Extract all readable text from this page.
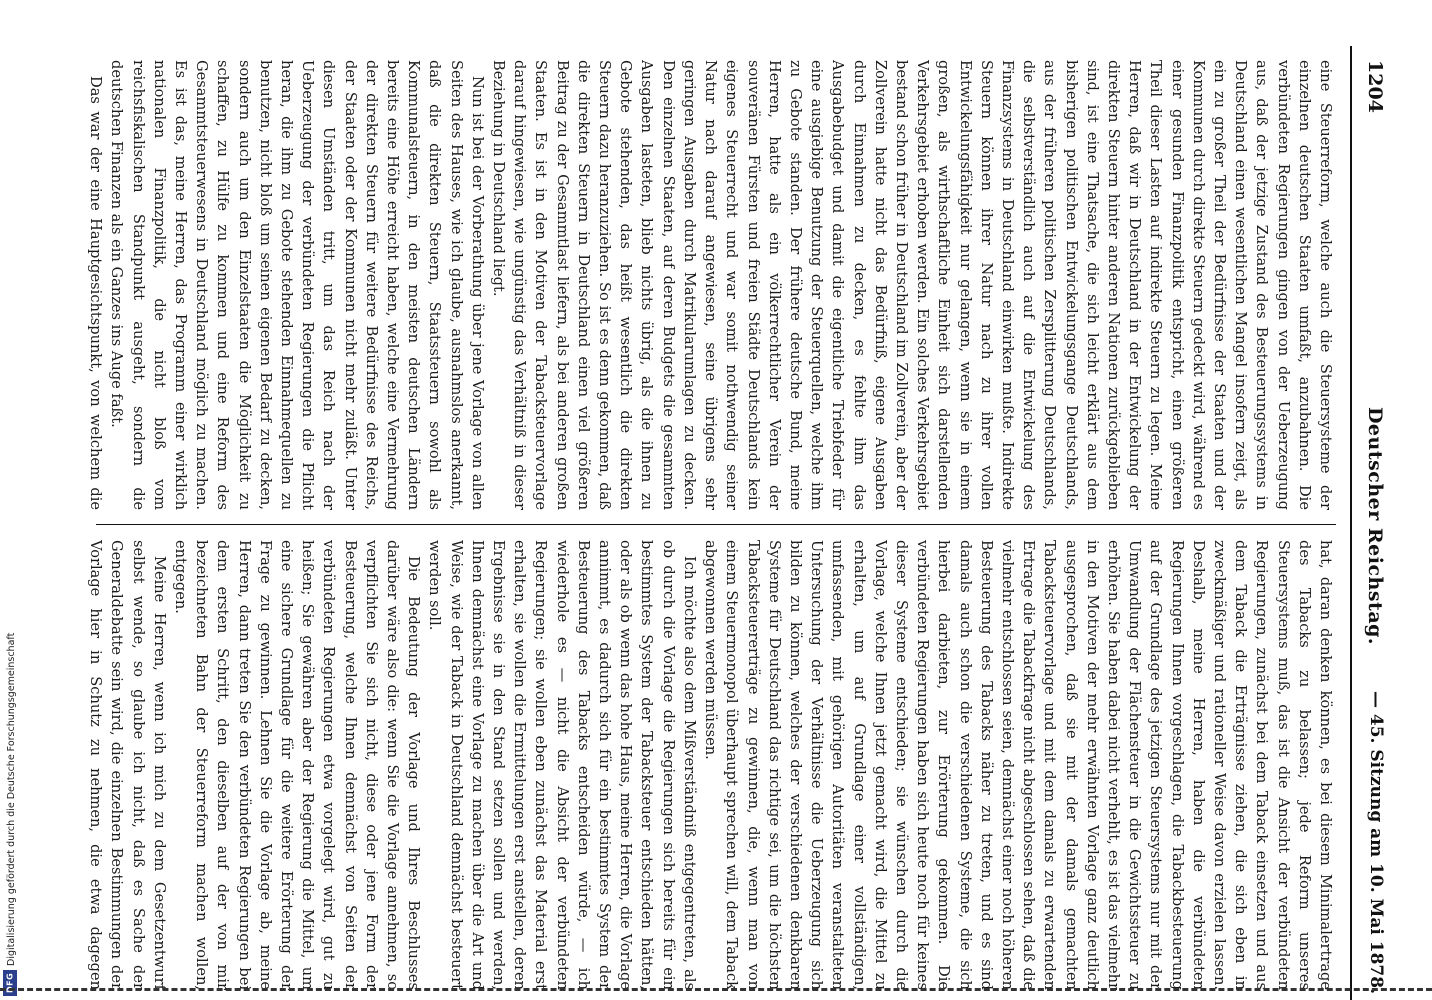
Digitalisierung gefördert durch die Deutsche Forschungsgemeinschaft
DFG
1204
Deutscher Reichstag.
— 45. Sitzung am 10. Mai 1878.

eine Steuerreform, welche auch die Steuersysteme der einzelnen deutschen Staaten umfaßt, anzubahnen. Die verbündeten Regierungen gingen von der Ueberzeugung aus, daß der jetzige Zustand des Besteuerungssystems in Deutschland einen wesentlichen Mangel insofern zeigt, als ein zu großer Theil der Bedürfnisse der Staaten und der Kommunen durch direkte Steuern gedeckt wird, während es einer gesunden Finanzpolitik entspricht, einen größeren Theil dieser Lasten auf indirekte Steuern zu legen. Meine Herren, daß wir in Deutschland in der Entwickelung der direkten Steuern hinter anderen Nationen zurückgeblieben sind, ist eine Thatsache, die sich leicht erklärt aus dem bisherigen politischen Entwickelungsgange Deutschlands, aus der früheren politischen Zersplitterung Deutschlands, die selbstverständlich auch auf die Entwickelung des Finanzsystems in Deutschland einwirken mußte. Indirekte Steuern können ihrer Natur nach zu ihrer vollen Entwickelungsfähigkeit nur gelangen, wenn sie in einem großen, als wirthschaftliche Einheit sich darstellenden Verkehrsgebiet erhoben werden. Ein solches Verkehrsgebiet bestand schon früher in Deutschland im Zollverein, aber der Zollverein hatte nicht das Bedürfniß, eigene Ausgaben durch Einnahmen zu decken, es fehlte ihm das Ausgabebudget und damit die eigentliche Triebfeder für eine ausgiebige Benutzung der Steuerquellen, welche ihm zu Gebote standen. Der frühere deutsche Bund, meine Herren, hatte als ein völkerrechtlicher Verein der souveränen Fürsten und freien Städte Deutschlands kein eigenes Steuerrecht und war somit nothwendig seiner Natur nach darauf angewiesen, seine übrigens sehr geringen Ausgaben durch Matrikularumlagen zu decken. Den einzelnen Staaten, auf deren Budgets die gesammten Ausgaben lasteten, blieb nichts übrig, als die ihnen zu Gebote stehenden, das heißt wesentlich die direkten Steuern dazu heranzuziehen. So ist es denn gekommen, daß die direkten Steuern in Deutschland einen viel größeren Beitrag zu der Gesammtlast liefern, als bei anderen großen Staaten. Es ist in den Motiven der Tabacksteuervorlage darauf hingewiesen, wie ungünstig das Verhältniß in dieser Beziehung in Deutschland liegt.

Nun ist bei der Vorberathung über jene Vorlage von allen Seiten des Hauses, wie ich glaube, ausnahmslos anerkannt, daß die direkten Steuern, Staatssteuern sowohl als Kommunalsteuern, in den meisten deutschen Ländern bereits eine Höhe erreicht haben, welche eine Vermehrung der direkten Steuern für weitere Bedürfnisse des Reichs, der Staaten oder der Kommunen nicht mehr zuläßt. Unter diesen Umständen tritt, um das Reich nach der Ueberzeugung der verbündeten Regierungen die Pflicht heran, die ihm zu Gebote stehenden Einnahmequellen zu benutzen, nicht bloß um seinen eigenen Bedarf zu decken, sondern auch um den Einzelstaaten die Möglichkeit zu schaffen, zu Hülfe zu kommen und eine Reform des Gesammtsteuerwesens in Deutschland möglich zu machen. Es ist das, meine Herren, das Programm einer wirklich nationalen Finanzpolitik, die nicht bloß vom reichsfiskalischen Standpunkt ausgeht, sondern die deutschen Finanzen als ein Ganzes ins Auge faßt.

Das war der eine Hauptgesichtspunkt, von welchem die

hat, daran denken können, es bei diesem Minimalertrage des Tabacks zu belassen; jede Reform unseres Steuersystems muß, das ist die Ansicht der verbündeten Regierungen, zunächst bei dem Taback einsetzen und aus dem Taback die Erträgnisse ziehen, die sich eben in zweckmäßiger und rationeller Weise davon erzielen lassen. Deshalb, meine Herren, haben die verbündeten Regierungen Ihnen vorgeschlagen, die Tabackbesteuerung auf der Grundlage des jetzigen Steuersystems nur mit der Umwandlung der Flächensteuer in die Gewichtssteuer zu erhöhen. Sie haben dabei nicht verhehlt, es ist das vielmehr in den Motiven der mehr erwähnten Vorlage ganz deutlich ausgesprochen, daß sie mit der damals gemachten Tabacksteuervorlage und mit dem damals zu erwartenden Ertrage die Tabackfrage nicht abgeschlossen sehen, daß die vielmehr entschlossen seien, demnächst einer noch höheren Besteuerung des Tabacks näher zu treten, und es sind damals auch schon die verschiedenen Systeme, die sich hierbei darbieten, zur Erörterung gekommen. Die verbündeten Regierungen haben sich heute noch für keines dieser Systeme entschieden; sie wünschen durch die Vorlage, welche Ihnen jetzt gemacht wird, die Mittel zu erhalten, um auf Grundlage einer vollständigen, umfassenden, mit gehörigen Autoritäten veranstalteten Untersuchung der Verhältnisse die Ueberzeugung sich bilden zu können, welches der verschiedenen denkbaren Systeme für Deutschland das richtige sei, um die höchsten Tabacksteuererträge zu gewinnen, die, wenn man von einem Steuermonopol überhaupt sprechen will, dem Taback abgewonnen werden müssen.

Ich möchte also dem Mißverständniß entgegentreten, als ob durch die Vorlage die Regierungen sich bereits für ein bestimmtes System der Tabacksteuer entschieden hätten, oder als ob wenn das hohe Haus, meine Herren, die Vorlage annimmt, es dadurch sich für ein bestimmtes System der Besteuerung des Tabacks entscheiden würde, — ich wiederhole es — nicht die Absicht der verbündeten Regierungen; sie wollen eben zunächst das Material erst erhalten, sie wollen die Ermittelungen erst anstellen, deren Ergebnisse sie in den Stand setzen sollen und werden, Ihnen demnächst eine Vorlage zu machen über die Art und Weise, wie der Taback in Deutschland demnächst besteuert werden soll.

Die Bedeutung der Vorlage und Ihres Beschlusses darüber wäre also die: wenn Sie die Vorlage annehmen, so verpflichten Sie sich nicht, diese oder jene Form der Besteuerung, welche Ihnen demnächst von Seiten der verbündeten Regierungen etwa vorgelegt wird, gut zu heißen; Sie gewähren aber der Regierung die Mittel, um eine sichere Grundlage für die weitere Erörterung der Frage zu gewinnen. Lehnen Sie die Vorlage ab, meine Herren, dann treten Sie den verbündeten Regierungen bei dem ersten Schritt, den dieselben auf der von mir bezeichneten Bahn der Steuerreform machen wollen, entgegen.

Meine Herren, wenn ich mich zu dem Gesetzentwurf selbst wende, so glaube ich nicht, daß es Sache der Generaldebatte sein wird, die einzelnen Bestimmungen der Vorlage hier in Schutz zu nehmen, die etwa dagegen
